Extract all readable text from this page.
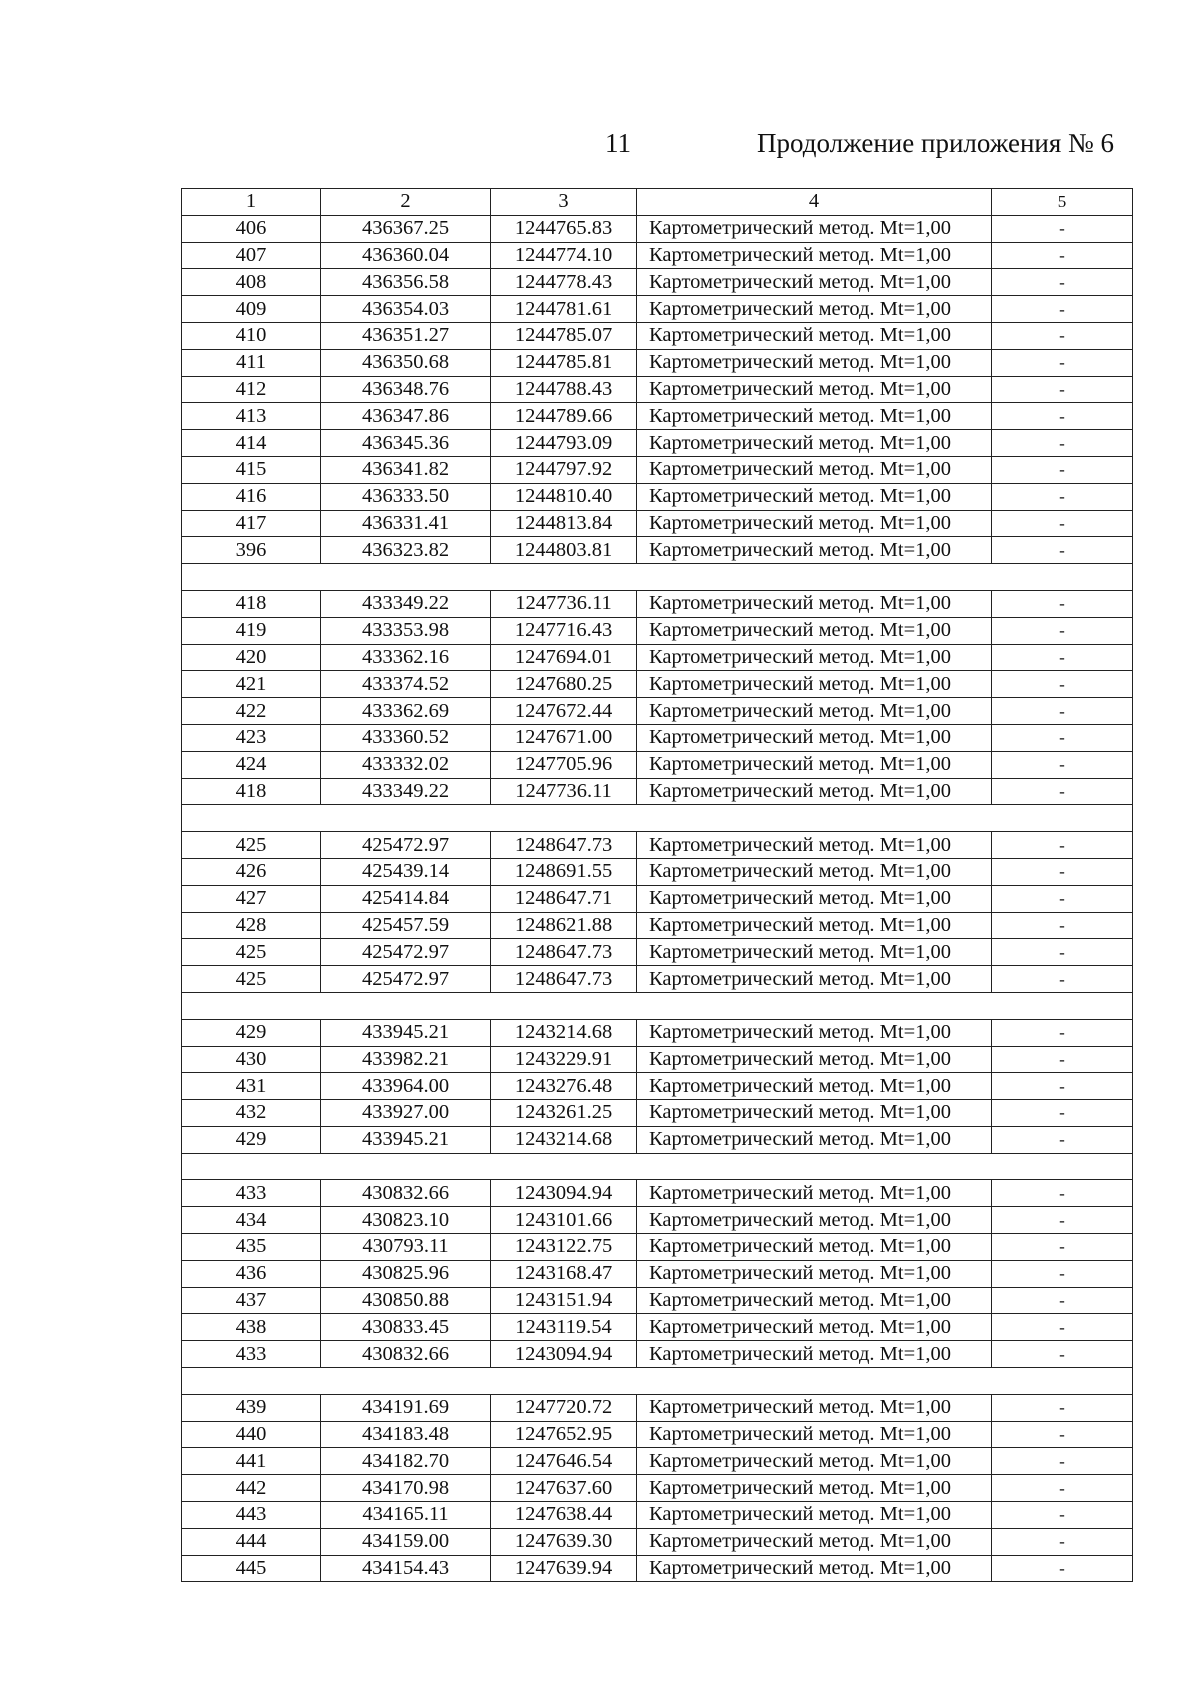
11	Продолжение приложения № 6
1	2	3	4	5
406	436367.25	1244765.83	Картометрический метод. Mt=1,00	-
407	436360.04	1244774.10	Картометрический метод. Mt=1,00	-
408	436356.58	1244778.43	Картометрический метод. Mt=1,00	-
409	436354.03	1244781.61	Картометрический метод. Mt=1,00	-
410	436351.27	1244785.07	Картометрический метод. Mt=1,00	-
411	436350.68	1244785.81	Картометрический метод. Mt=1,00	-
412	436348.76	1244788.43	Картометрический метод. Mt=1,00	-
413	436347.86	1244789.66	Картометрический метод. Mt=1,00	-
414	436345.36	1244793.09	Картометрический метод. Mt=1,00	-
415	436341.82	1244797.92	Картометрический метод. Mt=1,00	-
416	436333.50	1244810.40	Картометрический метод. Mt=1,00	-
417	436331.41	1244813.84	Картометрический метод. Mt=1,00	-
396	436323.82	1244803.81	Картометрический метод. Mt=1,00	-

418	433349.22	1247736.11	Картометрический метод. Mt=1,00	-
419	433353.98	1247716.43	Картометрический метод. Mt=1,00	-
420	433362.16	1247694.01	Картометрический метод. Mt=1,00	-
421	433374.52	1247680.25	Картометрический метод. Mt=1,00	-
422	433362.69	1247672.44	Картометрический метод. Mt=1,00	-
423	433360.52	1247671.00	Картометрический метод. Mt=1,00	-
424	433332.02	1247705.96	Картометрический метод. Mt=1,00	-
418	433349.22	1247736.11	Картометрический метод. Mt=1,00	-

425	425472.97	1248647.73	Картометрический метод. Mt=1,00	-
426	425439.14	1248691.55	Картометрический метод. Mt=1,00	-
427	425414.84	1248647.71	Картометрический метод. Mt=1,00	-
428	425457.59	1248621.88	Картометрический метод. Mt=1,00	-
425	425472.97	1248647.73	Картометрический метод. Mt=1,00	-
425	425472.97	1248647.73	Картометрический метод. Mt=1,00	-

429	433945.21	1243214.68	Картометрический метод. Mt=1,00	-
430	433982.21	1243229.91	Картометрический метод. Mt=1,00	-
431	433964.00	1243276.48	Картометрический метод. Mt=1,00	-
432	433927.00	1243261.25	Картометрический метод. Mt=1,00	-
429	433945.21	1243214.68	Картометрический метод. Mt=1,00	-

433	430832.66	1243094.94	Картометрический метод. Mt=1,00	-
434	430823.10	1243101.66	Картометрический метод. Mt=1,00	-
435	430793.11	1243122.75	Картометрический метод. Mt=1,00	-
436	430825.96	1243168.47	Картометрический метод. Mt=1,00	-
437	430850.88	1243151.94	Картометрический метод. Mt=1,00	-
438	430833.45	1243119.54	Картометрический метод. Mt=1,00	-
433	430832.66	1243094.94	Картометрический метод. Mt=1,00	-

439	434191.69	1247720.72	Картометрический метод. Mt=1,00	-
440	434183.48	1247652.95	Картометрический метод. Mt=1,00	-
441	434182.70	1247646.54	Картометрический метод. Mt=1,00	-
442	434170.98	1247637.60	Картометрический метод. Mt=1,00	-
443	434165.11	1247638.44	Картометрический метод. Mt=1,00	-
444	434159.00	1247639.30	Картометрический метод. Mt=1,00	-
445	434154.43	1247639.94	Картометрический метод. Mt=1,00	-
